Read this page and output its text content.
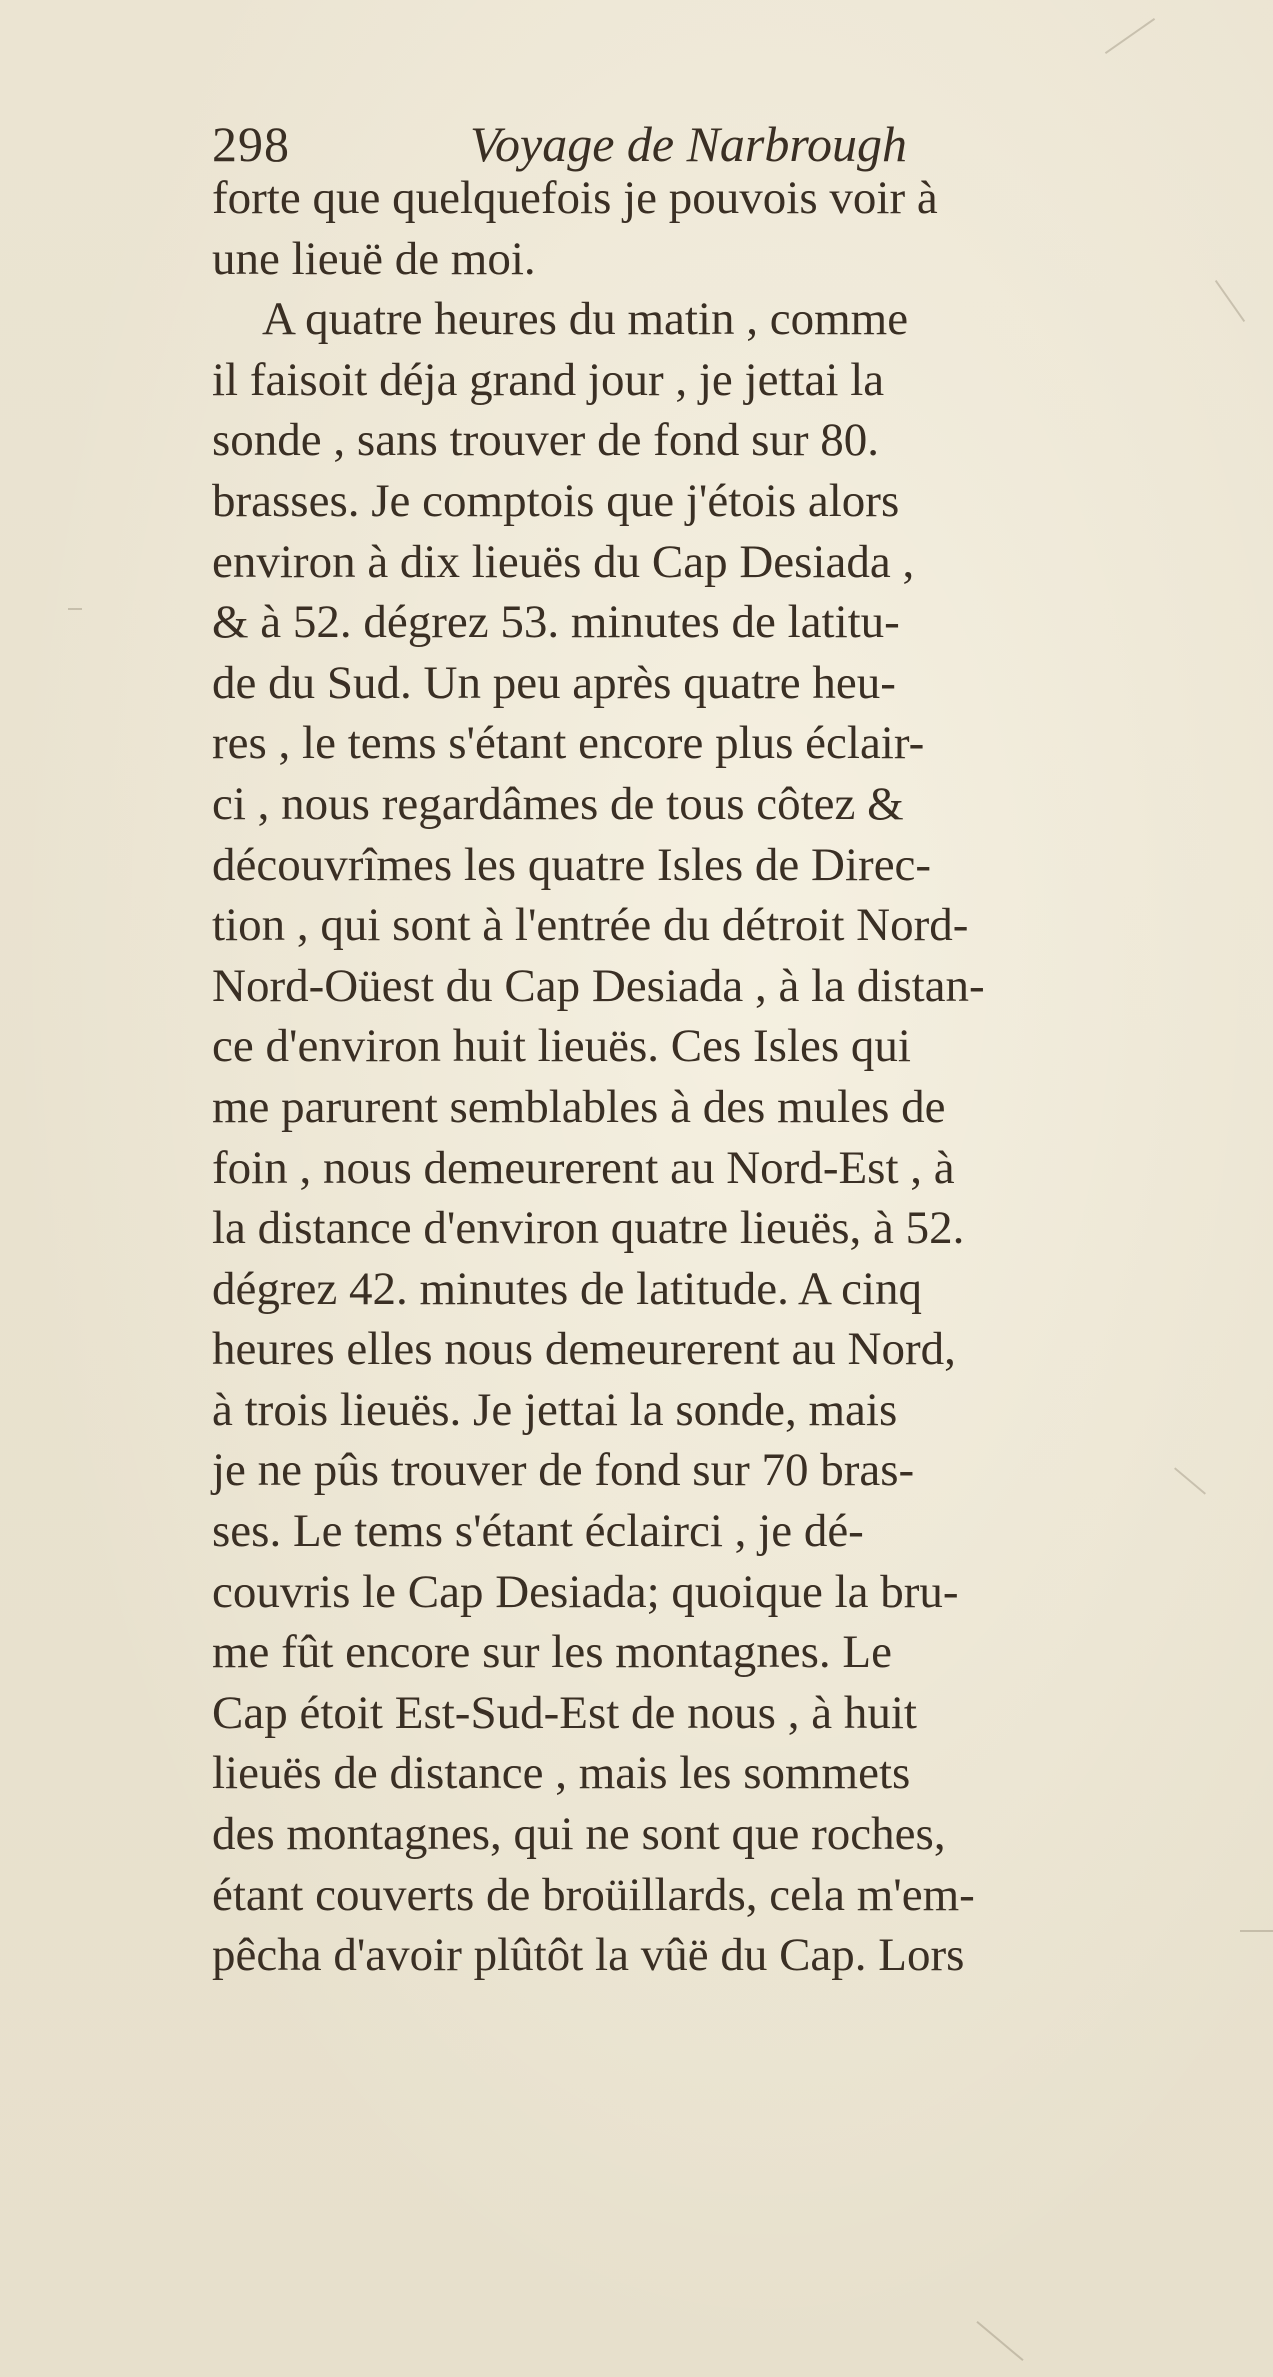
298	Voyage de Narbrough
forte que quelquefois je pouvois voir à
une lieuë de moi.
A quatre heures du matin , comme
il faisoit déja grand jour , je jettai la
sonde , sans trouver de fond sur 80.
brasses. Je comptois que j'étois alors
environ à dix lieuës du Cap Desiada ,
& à 52. dégrez 53. minutes de latitu-
de du Sud. Un peu après quatre heu-
res , le tems s'étant encore plus éclair-
ci , nous regardâmes de tous côtez &
découvrîmes les quatre Isles de Direc-
tion , qui sont à l'entrée du détroit Nord-
Nord-Oüest du Cap Desiada , à la distan-
ce d'environ huit lieuës. Ces Isles qui
me parurent semblables à des mules de
foin , nous demeurerent au Nord-Est , à
la distance d'environ quatre lieuës, à 52.
dégrez 42. minutes de latitude. A cinq
heures elles nous demeurerent au Nord,
à trois lieuës. Je jettai la sonde, mais
je ne pûs trouver de fond sur 70 bras-
ses. Le tems s'étant éclairci , je dé-
couvris le Cap Desiada; quoique la bru-
me fût encore sur les montagnes. Le
Cap étoit Est-Sud-Est de nous , à huit
lieuës de distance , mais les sommets
des montagnes, qui ne sont que roches,
étant couverts de broüillards, cela m'em-
pêcha d'avoir plûtôt la vûë du Cap. Lors
